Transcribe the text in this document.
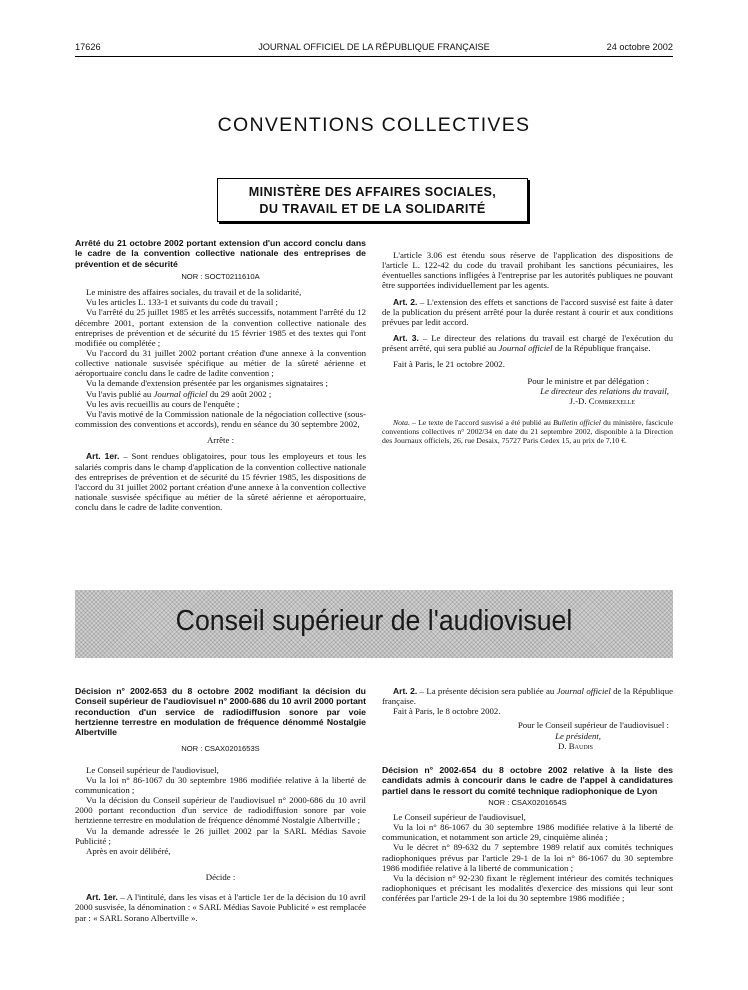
17626	JOURNAL OFFICIEL DE LA RÉPUBLIQUE FRANÇAISE	24 octobre 2002
CONVENTIONS COLLECTIVES
MINISTÈRE DES AFFAIRES SOCIALES,
DU TRAVAIL ET DE LA SOLIDARITÉ

Arrêté du 21 octobre 2002 portant extension d'un accord conclu dans le cadre de la convention collective nationale des entreprises de prévention et de sécurité

NOR : SOCT0211610A

Le ministre des affaires sociales, du travail et de la solidarité,

Vu les articles L. 133-1 et suivants du code du travail ;

Vu l'arrêté du 25 juillet 1985 et les arrêtés successifs, notamment l'arrêté du 12 décembre 2001, portant extension de la convention collective nationale des entreprises de prévention et de sécurité du 15 février 1985 et des textes qui l'ont modifiée ou complétée ;

Vu l'accord du 31 juillet 2002 portant création d'une annexe à la convention collective nationale susvisée spécifique au métier de la sûreté aérienne et aéroportuaire conclu dans le cadre de ladite convention ;

Vu la demande d'extension présentée par les organismes signataires ;

Vu l'avis publié au Journal officiel du 29 août 2002 ;

Vu les avis recueillis au cours de l'enquête ;

Vu l'avis motivé de la Commission nationale de la négociation collective (sous-commission des conventions et accords), rendu en séance du 30 septembre 2002,

Arrête :

Art. 1er. – Sont rendues obligatoires, pour tous les employeurs et tous les salariés compris dans le champ d'application de la convention collective nationale des entreprises de prévention et de sécurité du 15 février 1985, les dispositions de l'accord du 31 juillet 2002 portant création d'une annexe à la convention collective nationale susvisée spécifique au métier de la sûreté aérienne et aéroportuaire, conclu dans le cadre de ladite convention.

L'article 3.06 est étendu sous réserve de l'application des dispositions de l'article L. 122-42 du code du travail prohibant les sanctions pécuniaires, les éventuelles sanctions infligées à l'entreprise par les autorités publiques ne pouvant être supportées individuellement par les agents.

Art. 2. – L'extension des effets et sanctions de l'accord susvisé est faite à dater de la publication du présent arrêté pour la durée restant à courir et aux conditions prévues par ledit accord.

Art. 3. – Le directeur des relations du travail est chargé de l'exécution du présent arrêté, qui sera publié au Journal officiel de la République française.

Fait à Paris, le 21 octobre 2002.

Pour le ministre et par délégation :

Le directeur des relations du travail,

J.-D. Combrexelle

Nota. – Le texte de l'accord susvisé a été publié au Bulletin officiel du ministère, fascicule conventions collectives n° 2002/34 en date du 21 septembre 2002, disponible à la Direction des Journaux officiels, 26, rue Desaix, 75727 Paris Cedex 15, au prix de 7,10 €.

Conseil supérieur de l'audiovisuel

Décision n° 2002-653 du 8 octobre 2002 modifiant la décision du Conseil supérieur de l'audiovisuel n° 2000-686 du 10 avril 2000 portant reconduction d'un service de radiodiffusion sonore par voie hertzienne terrestre en modulation de fréquence dénommé Nostalgie Albertville

NOR : CSAX0201653S

Le Conseil supérieur de l'audiovisuel,

Vu la loi n° 86-1067 du 30 septembre 1986 modifiée relative à la liberté de communication ;

Vu la décision du Conseil supérieur de l'audiovisuel n° 2000-686 du 10 avril 2000 portant reconduction d'un service de radiodiffusion sonore par voie hertzienne terrestre en modulation de fréquence dénommé Nostalgie Albertville ;

Vu la demande adressée le 26 juillet 2002 par la SARL Médias Savoie Publicité ;

Après en avoir délibéré,

Décide :

Art. 1er. – A l'intitulé, dans les visas et à l'article 1er de la décision du 10 avril 2000 susvisée, la dénomination : « SARL Médias Savoie Publicité » est remplacée par : « SARL Sorano Albertville ».

Art. 2. – La présente décision sera publiée au Journal officiel de la République française.

Fait à Paris, le 8 octobre 2002.

Pour le Conseil supérieur de l'audiovisuel :

Le président,

D. Baudis

Décision n° 2002-654 du 8 octobre 2002 relative à la liste des candidats admis à concourir dans le cadre de l'appel à candidatures partiel dans le ressort du comité technique radiophonique de Lyon

NOR : CSAX0201654S

Le Conseil supérieur de l'audiovisuel,

Vu la loi n° 86-1067 du 30 septembre 1986 modifiée relative à la liberté de communication, et notamment son article 29, cinquième alinéa ;

Vu le décret n° 89-632 du 7 septembre 1989 relatif aux comités techniques radiophoniques prévus par l'article 29-1 de la loi n° 86-1067 du 30 septembre 1986 modifiée relative à la liberté de communication ;

Vu la décision n° 92-230 fixant le règlement intérieur des comités techniques radiophoniques et précisant les modalités d'exercice des missions qui leur sont conférées par l'article 29-1 de la loi du 30 septembre 1986 modifiée ;
